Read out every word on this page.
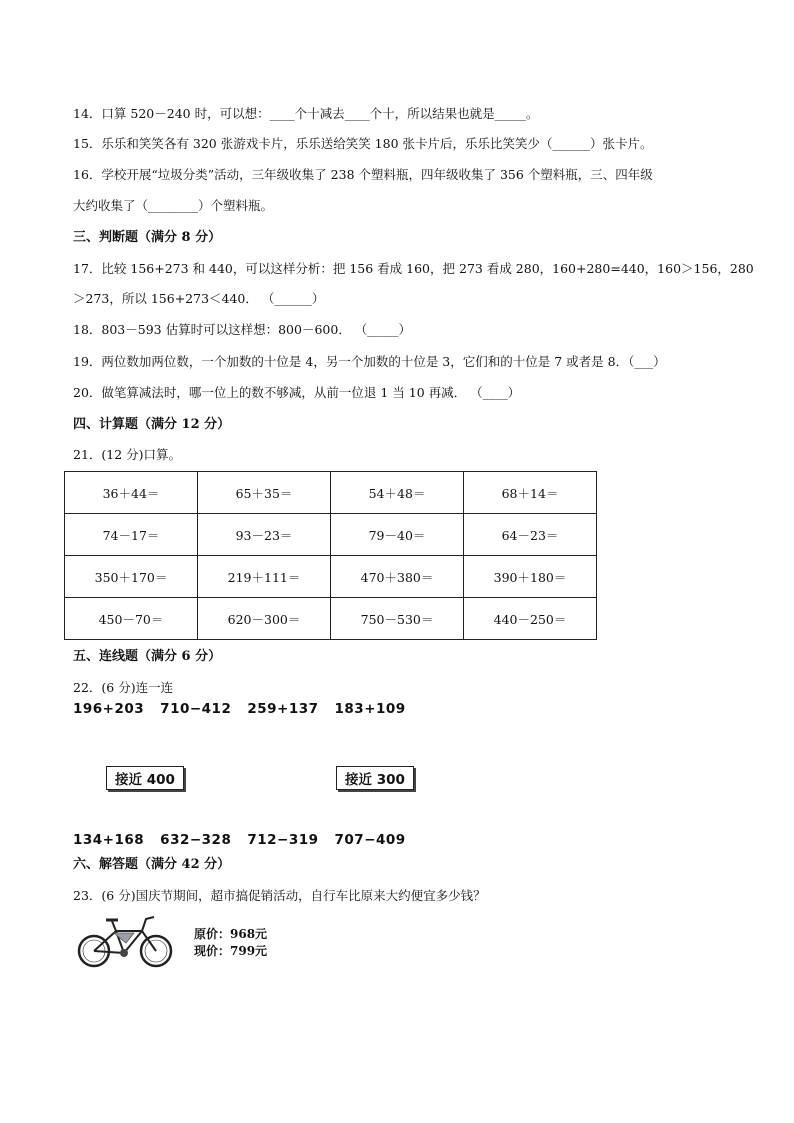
14．口算 520－240 时，可以想：____个十减去____个十，所以结果也就是_____。
15．乐乐和笑笑各有 320 张游戏卡片，乐乐送给笑笑 180 张卡片后，乐乐比笑笑少（______）张卡片。
16．学校开展“垃圾分类”活动，三年级收集了 238 个塑料瓶，四年级收集了 356 个塑料瓶，三、四年级
大约收集了（________）个塑料瓶。
三、判断题（满分 8 分）
17．比较 156+273 和 440，可以这样分析：把 156 看成 160，把 273 看成 280，160+280=440，160＞156，280
＞273，所以 156+273＜440． （______）
18．803－593 估算时可以这样想：800－600． （_____）
19．两位数加两位数，一个加数的十位是 4，另一个加数的十位是 3，它们和的十位是 7 或者是 8．（___）
20．做笔算减法时，哪一位上的数不够减，从前一位退 1 当 10 再减． （____）
四、计算题（满分 12 分）
21．(12 分)口算。
36＋44＝	65＋35＝	54＋48＝	68＋14＝
74－17＝	93－23＝	79－40＝	64－23＝
350＋170＝	219＋111＝	470＋380＝	390＋180＝
450－70＝	620－300＝	750－530＝	440－250＝
五、连线题（满分 6 分）
22．(6 分)连一连
196+203 710−412 259+137 183+109
接近 400	接近 300
134+168 632−328 712−319 707−409
六、解答题（满分 42 分）
23．(6 分)国庆节期间，超市搞促销活动，自行车比原来大约便宜多少钱？
原价：968元
现价：799元
